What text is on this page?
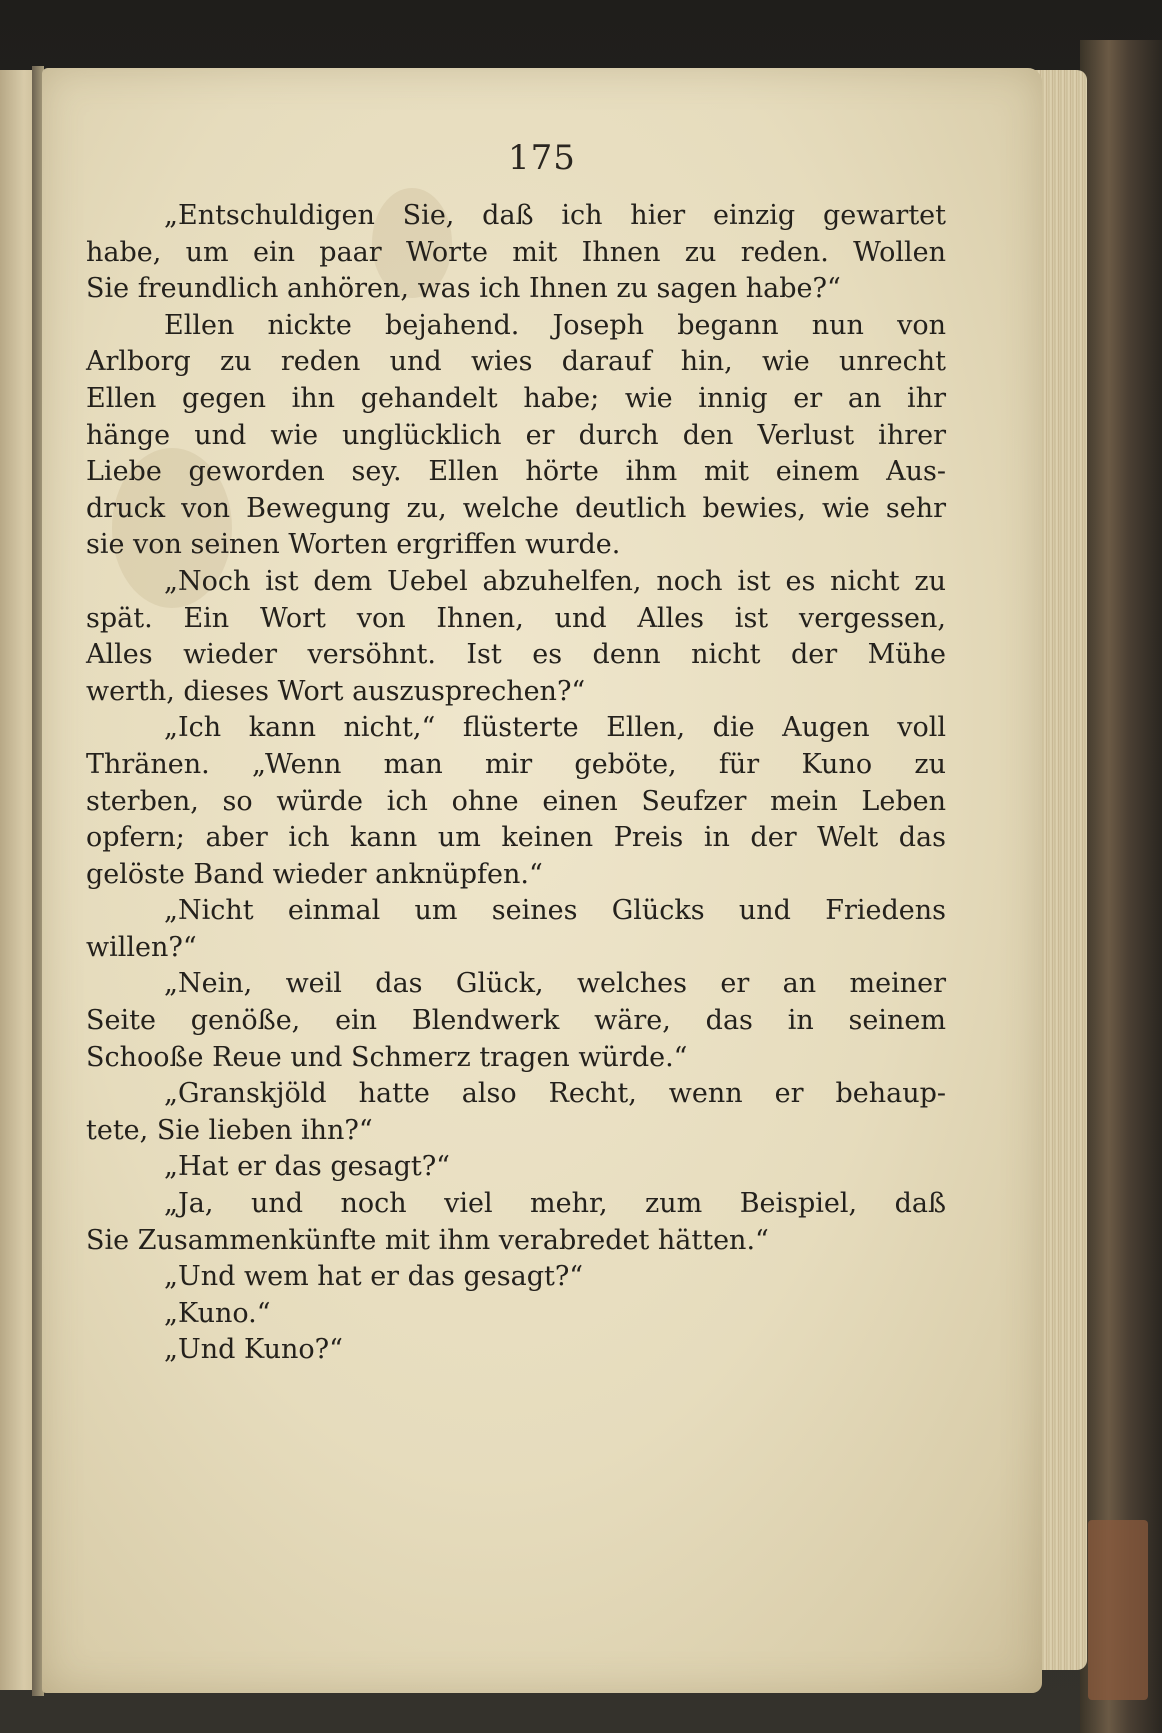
175
„Entschuldigen Sie, daß ich hier einzig gewartet
habe, um ein paar Worte mit Ihnen zu reden. Wollen
Sie freundlich anhören, was ich Ihnen zu sagen habe?“
Ellen nickte bejahend. Joseph begann nun von
Arlborg zu reden und wies darauf hin, wie unrecht
Ellen gegen ihn gehandelt habe; wie innig er an ihr
hänge und wie unglücklich er durch den Verlust ihrer
Liebe geworden sey. Ellen hörte ihm mit einem Aus-
druck von Bewegung zu, welche deutlich bewies, wie sehr
sie von seinen Worten ergriffen wurde.
„Noch ist dem Uebel abzuhelfen, noch ist es nicht zu
spät. Ein Wort von Ihnen, und Alles ist vergessen,
Alles wieder versöhnt. Ist es denn nicht der Mühe
werth, dieses Wort auszusprechen?“
„Ich kann nicht,“ flüsterte Ellen, die Augen voll
Thränen. „Wenn man mir geböte, für Kuno zu
sterben, so würde ich ohne einen Seufzer mein Leben
opfern; aber ich kann um keinen Preis in der Welt das
gelöste Band wieder anknüpfen.“
„Nicht einmal um seines Glücks und Friedens
willen?“
„Nein, weil das Glück, welches er an meiner
Seite genöße, ein Blendwerk wäre, das in seinem
Schooße Reue und Schmerz tragen würde.“
„Granskjöld hatte also Recht, wenn er behaup-
tete, Sie lieben ihn?“
„Hat er das gesagt?“
„Ja, und noch viel mehr, zum Beispiel, daß
Sie Zusammenkünfte mit ihm verabredet hätten.“
„Und wem hat er das gesagt?“
„Kuno.“
„Und Kuno?“
